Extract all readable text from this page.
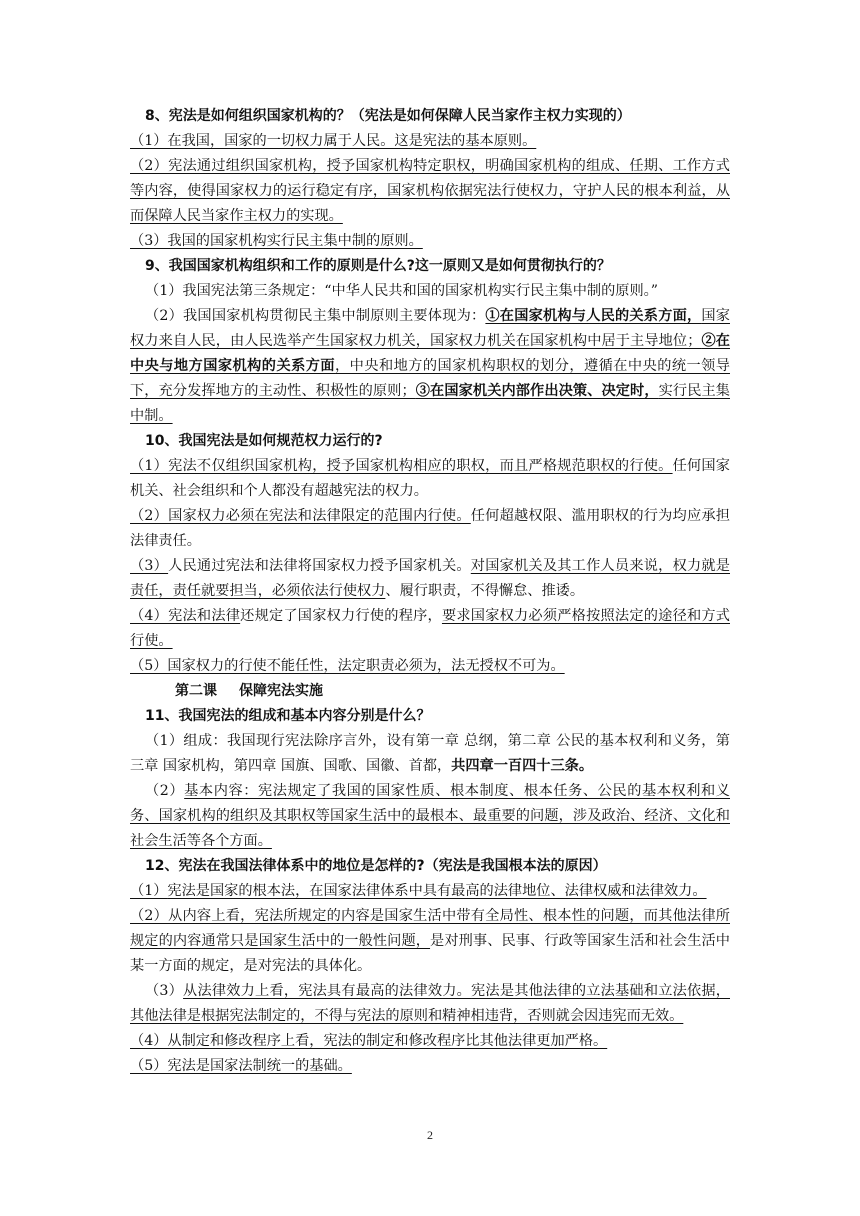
8、宪法是如何组织国家机构的？（宪法是如何保障人民当家作主权力实现的）

（1）在我国，国家的一切权力属于人民。这是宪法的基本原则。

（2）宪法通过组织国家机构，授予国家机构特定职权，明确国家机构的组成、任期、工作方式等内容，使得国家权力的运行稳定有序，国家机构依据宪法行使权力，守护人民的根本利益，从而保障人民当家作主权力的实现。

（3）我国的国家机构实行民主集中制的原则。

9、我国国家机构组织和工作的原则是什么?这一原则又是如何贯彻执行的？

（1）我国宪法第三条规定：“中华人民共和国的国家机构实行民主集中制的原则。”

（2）我国国家机构贯彻民主集中制原则主要体现为：①在国家机构与人民的关系方面，国家权力来自人民，由人民选举产生国家权力机关，国家权力机关在国家机构中居于主导地位；②在中央与地方国家机构的关系方面，中央和地方的国家机构职权的划分，遵循在中央的统一领导下，充分发挥地方的主动性、积极性的原则；③在国家机关内部作出决策、决定时，实行民主集中制。

10、我国宪法是如何规范权力运行的?

（1）宪法不仅组织国家机构，授予国家机构相应的职权，而且严格规范职权的行使。任何国家机关、社会组织和个人都没有超越宪法的权力。

（2）国家权力必须在宪法和法律限定的范围内行使。任何超越权限、滥用职权的行为均应承担法律责任。

（3）人民通过宪法和法律将国家权力授予国家机关。对国家机关及其工作人员来说，权力就是责任，责任就要担当，必须依法行使权力、履行职责，不得懈怠、推诿。

（4）宪法和法律还规定了国家权力行使的程序，要求国家权力必须严格按照法定的途径和方式行使。

（5）国家权力的行使不能任性，法定职责必须为，法无授权不可为。

第二课 保障宪法实施

11、我国宪法的组成和基本内容分别是什么？

（1）组成：我国现行宪法除序言外，设有第一章 总纲，第二章 公民的基本权利和义务，第三章 国家机构，第四章 国旗、国歌、国徽、首都，共四章一百四十三条。

（2）基本内容：宪法规定了我国的国家性质、根本制度、根本任务、公民的基本权利和义务、国家机构的组织及其职权等国家生活中的最根本、最重要的问题，涉及政治、经济、文化和社会生活等各个方面。

12、宪法在我国法律体系中的地位是怎样的?（宪法是我国根本法的原因）

（1）宪法是国家的根本法，在国家法律体系中具有最高的法律地位、法律权威和法律效力。

（2）从内容上看，宪法所规定的内容是国家生活中带有全局性、根本性的问题，而其他法律所规定的内容通常只是国家生活中的一般性问题，是对刑事、民事、行政等国家生活和社会生活中某一方面的规定，是对宪法的具体化。

（3）从法律效力上看，宪法具有最高的法律效力。宪法是其他法律的立法基础和立法依据，其他法律是根据宪法制定的，不得与宪法的原则和精神相违背，否则就会因违宪而无效。

（4）从制定和修改程序上看，宪法的制定和修改程序比其他法律更加严格。

（5）宪法是国家法制统一的基础。

2
